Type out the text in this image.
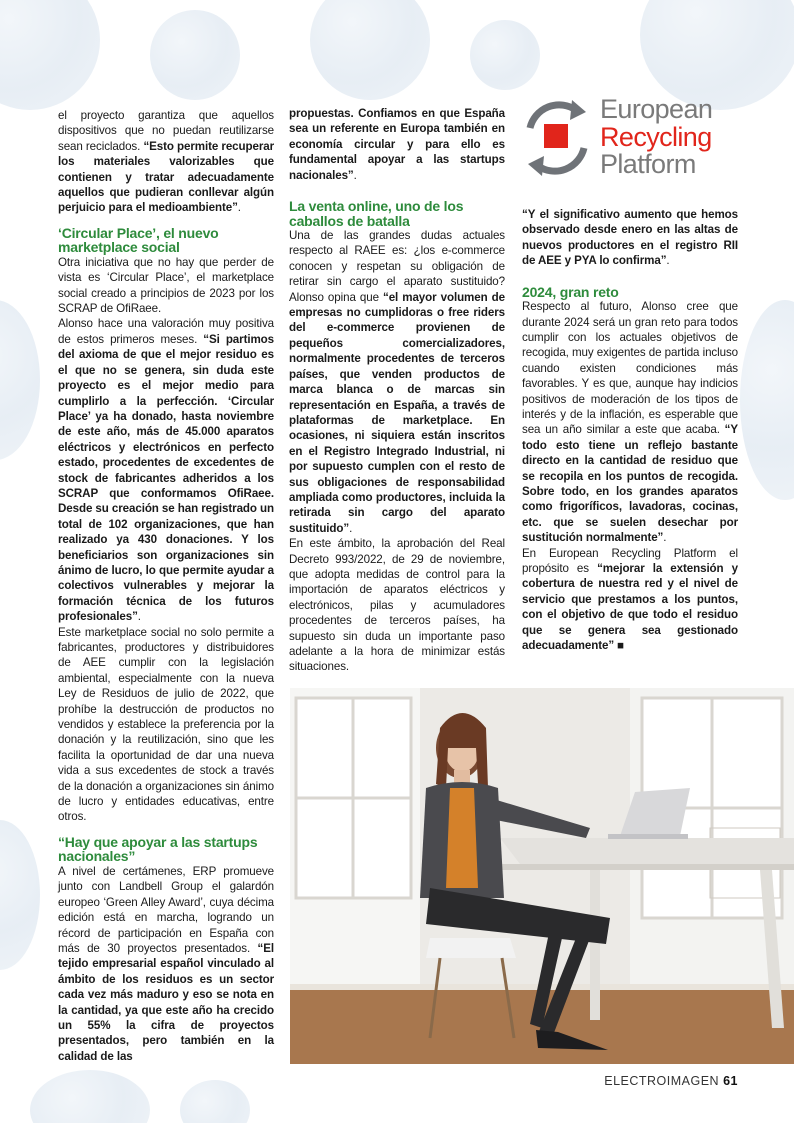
European
Recycling
Platform

el proyecto garantiza que aquellos dispositivos que no puedan reutilizarse sean reciclados. “Esto permite recuperar los materiales valorizables que contienen y tratar adecuadamente aquellos que pudieran conllevar algún perjuicio para el medioambiente”.

‘Circular Place’, el nuevo marketplace social

Otra iniciativa que no hay que perder de vista es ‘Circular Place’, el marketplace social creado a principios de 2023 por los SCRAP de OfiRaee.

Alonso hace una valoración muy positiva de estos primeros meses. “Si partimos del axioma de que el mejor residuo es el que no se genera, sin duda este proyecto es el mejor medio para cumplirlo a la perfección. ‘Circular Place’ ya ha donado, hasta noviembre de este año, más de 45.000 aparatos eléctricos y electrónicos en perfecto estado, procedentes de excedentes de stock de fabricantes adheridos a los SCRAP que conformamos OfiRaee. Desde su creación se han registrado un total de 102 organizaciones, que han realizado ya 430 donaciones. Y los beneficiarios son organizaciones sin ánimo de lucro, lo que permite ayudar a colectivos vulnerables y mejorar la formación técnica de los futuros profesionales”.

Este marketplace social no solo permite a fabricantes, productores y distribuidores de AEE cumplir con la legislación ambiental, especialmente con la nueva Ley de Residuos de julio de 2022, que prohíbe la destrucción de productos no vendidos y establece la preferencia por la donación y la reutilización, sino que les facilita la oportunidad de dar una nueva vida a sus excedentes de stock a través de la donación a organizaciones sin ánimo de lucro y entidades educativas, entre otros.

“Hay que apoyar a las startups nacionales”

A nivel de certámenes, ERP promueve junto con Landbell Group el galardón europeo ‘Green Alley Award’, cuya décima edición está en marcha, logrando un récord de participación en España con más de 30 proyectos presentados. “El tejido empresarial español vinculado al ámbito de los residuos es un sector cada vez más maduro y eso se nota en la cantidad, ya que este año ha crecido un 55% la cifra de proyectos presentados, pero también en la calidad de las

propuestas. Confiamos en que España sea un referente en Europa también en economía circular y para ello es fundamental apoyar a las startups nacionales”.

La venta online, uno de los caballos de batalla

Una de las grandes dudas actuales respecto al RAEE es: ¿los e-commerce conocen y respetan su obligación de retirar sin cargo el aparato sustituido? Alonso opina que “el mayor volumen de empresas no cumplidoras o free riders del e-commerce provienen de pequeños comercializadores, normalmente procedentes de terceros países, que venden productos de marca blanca o de marcas sin representación en España, a través de plataformas de marketplace. En ocasiones, ni siquiera están inscritos en el Registro Integrado Industrial, ni por supuesto cumplen con el resto de sus obligaciones de responsabilidad ampliada como productores, incluida la retirada sin cargo del aparato sustituido”.

En este ámbito, la aprobación del Real Decreto 993/2022, de 29 de noviembre, que adopta medidas de control para la importación de aparatos eléctricos y electrónicos, pilas y acumuladores procedentes de terceros países, ha supuesto sin duda un importante paso adelante a la hora de minimizar estás situaciones.

“Y el significativo aumento que hemos observado desde enero en las altas de nuevos productores en el registro RII de AEE y PYA lo confirma”.

2024, gran reto

Respecto al futuro, Alonso cree que durante 2024 será un gran reto para todos cumplir con los actuales objetivos de recogida, muy exigentes de partida incluso cuando existen condiciones más favorables. Y es que, aunque hay indicios positivos de moderación de los tipos de interés y de la inflación, es esperable que sea un año similar a este que acaba. “Y todo esto tiene un reflejo bastante directo en la cantidad de residuo que se recopila en los puntos de recogida. Sobre todo, en los grandes aparatos como frigoríficos, lavadoras, cocinas, etc. que se suelen desechar por sustitución normalmente”.

En European Recycling Platform el propósito es “mejorar la extensión y cobertura de nuestra red y el nivel de servicio que prestamos a los puntos, con el objetivo de que todo el residuo que se genera sea gestionado adecuadamente” ■

ELECTROIMAGEN 61
